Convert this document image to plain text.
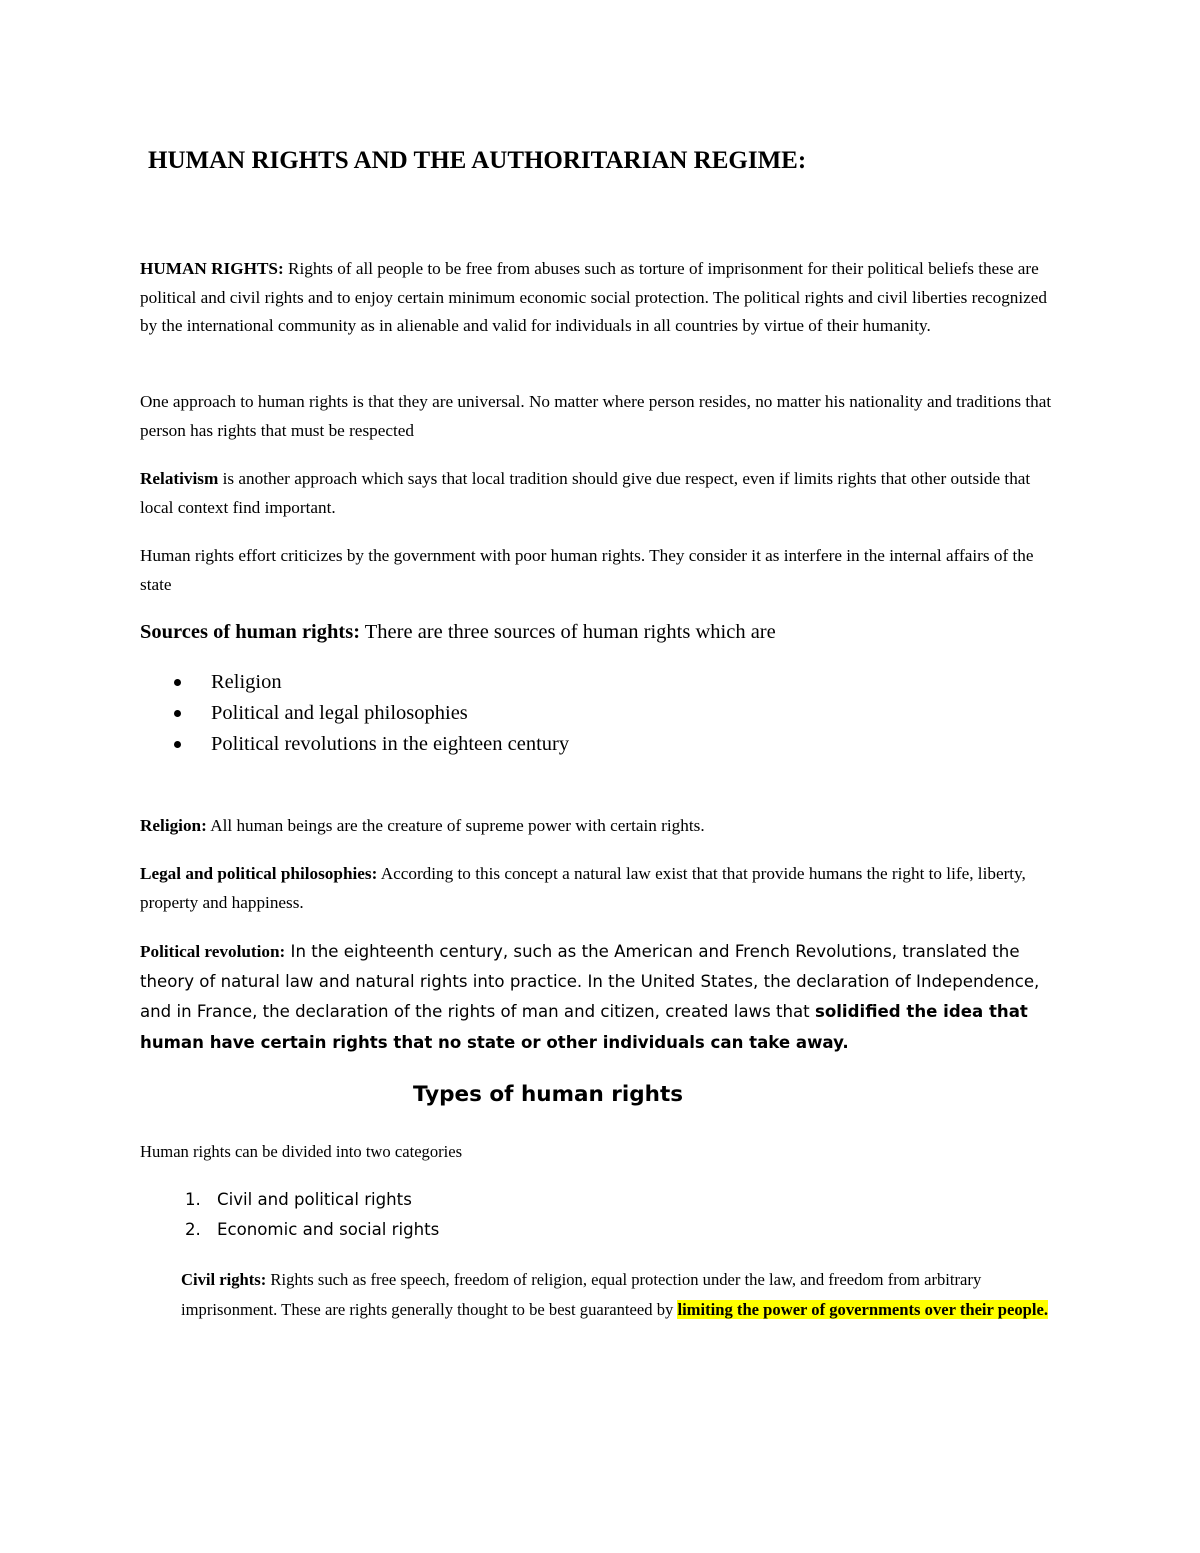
HUMAN RIGHTS AND THE AUTHORITARIAN REGIME:

HUMAN RIGHTS: Rights of all people to be free from abuses such as torture of imprisonment for their political beliefs these are political and civil rights and to enjoy certain minimum economic social protection. The political rights and civil liberties recognized by the international community as in alienable and valid for individuals in all countries by virtue of their humanity.

One approach to human rights is that they are universal. No matter where person resides, no matter his nationality and traditions that person has rights that must be respected

Relativism is another approach which says that local tradition should give due respect, even if limits rights that other outside that local context find important.

Human rights effort criticizes by the government with poor human rights. They consider it as interfere in the internal affairs of the state

Sources of human rights: There are three sources of human rights which are
Religion
Political and legal philosophies
Political revolutions in the eighteen century

Religion: All human beings are the creature of supreme power with certain rights.

Legal and political philosophies: According to this concept a natural law exist that that provide humans the right to life, liberty, property and happiness.

Political revolution: In the eighteenth century, such as the American and French Revolutions, translated the theory of natural law and natural rights into practice. In the United States, the declaration of Independence, and in France, the declaration of the rights of man and citizen, created laws that solidified the idea that human have certain rights that no state or other individuals can take away.

Types of human rights

Human rights can be divided into two categories

1. Civil and political rights
2. Economic and social rights

Civil rights: Rights such as free speech, freedom of religion, equal protection under the law, and freedom from arbitrary imprisonment. These are rights generally thought to be best guaranteed by limiting the power of governments over their people.
